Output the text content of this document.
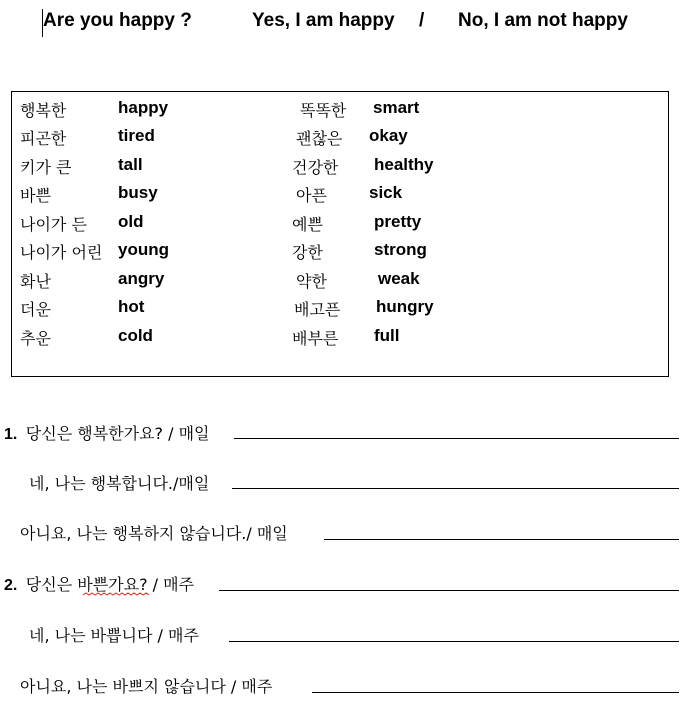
Are you happy ?	Yes, I am happy / No, I am not happy
행복한	happy	똑똑한 smart
피곤한	tired	괜찮은 okay
키가 큰	tall	건강한 healthy
바쁜	busy	아픈 sick
나이가 든 old	예쁜	pretty
나이가 어린 young	강한	strong
화난	angry	약한	weak
더운	hot	배고픈 hungry
추운	cold	배부른 full
1. 당신은 행복한가요? / 매일
네, 나는 행복합니다./매일
아니요, 나는 행복하지 않습니다./ 매일
2. 당신은 바쁜가요? / 매주
네, 나는 바쁩니다 / 매주
아니요, 나는 바쁘지 않습니다 / 매주
